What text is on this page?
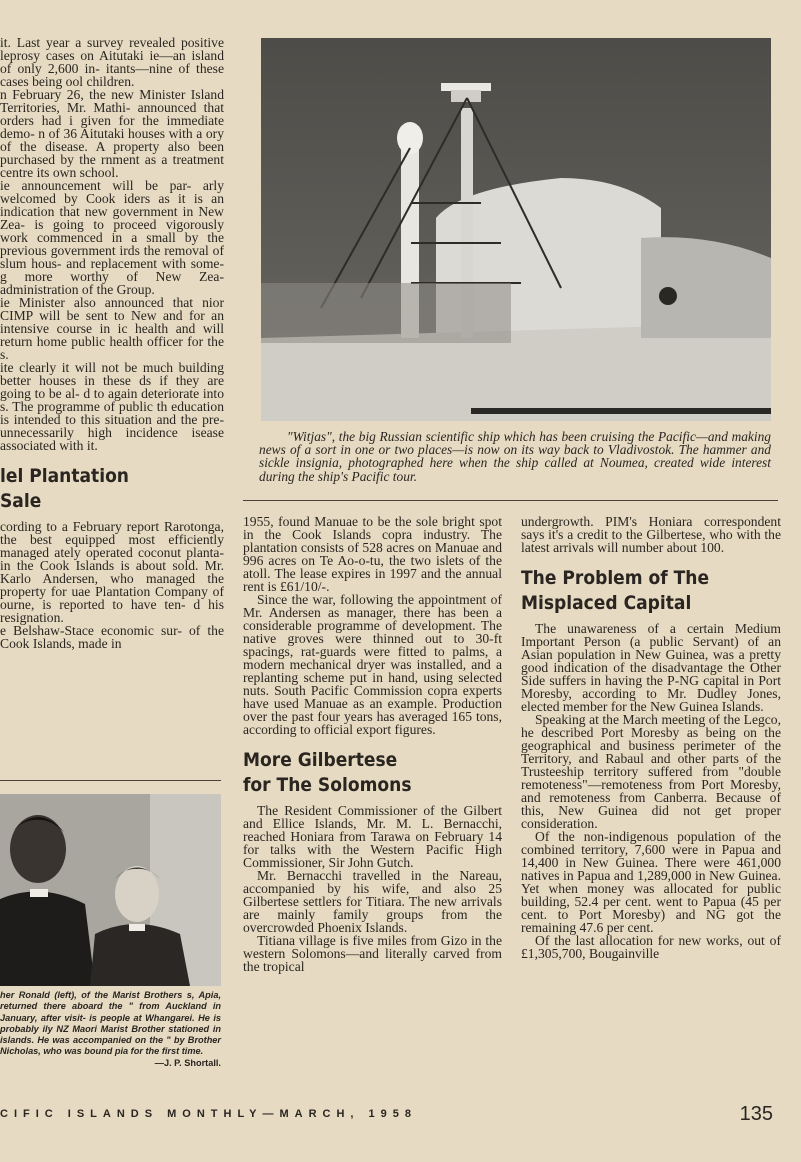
it. Last year a survey revealed positive leprosy cases on Aitutaki ie—an island of only 2,600 in- itants—nine of these cases being ool children.

n February 26, the new Minister Island Territories, Mr. Mathi- announced that orders had i given for the immediate demo- n of 36 Aitutaki houses with a ory of the disease. A property also been purchased by the rnment as a treatment centre its own school.

ie announcement will be par- arly welcomed by Cook iders as it is an indication that new government in New Zea- is going to proceed vigorously work commenced in a small by the previous government irds the removal of slum hous- and replacement with some- g more worthy of New Zea- administration of the Group.

ie Minister also announced that nior CIMP will be sent to New and for an intensive course in ic health and will return home public health officer for the s.

ite clearly it will not be much building better houses in these ds if they are going to be al- d to again deteriorate into s. The programme of public th education is intended to this situation and the pre- unnecessarily high incidence isease associated with it.

lel Plantation
Sale

cording to a February report Rarotonga, the best equipped most efficiently managed ately operated coconut planta- in the Cook Islands is about sold. Mr. Karlo Andersen, who managed the property for uae Plantation Company of ourne, is reported to have ten- d his resignation.

e Belshaw-Stace economic sur- of the Cook Islands, made in

"Witjas", the big Russian scientific ship which has been cruising the Pacific—and making news of a sort in one or two places—is now on its way back to Vladivostok. The hammer and sickle insignia, photographed here when the ship called at Noumea, created wide interest during the ship's Pacific tour.

1955, found Manuae to be the sole bright spot in the Cook Islands copra industry. The plantation consists of 528 acres on Manuae and 996 acres on Te Ao-o-tu, the two islets of the atoll. The lease expires in 1997 and the annual rent is £61/10/-.

Since the war, following the appointment of Mr. Andersen as manager, there has been a considerable programme of development. The native groves were thinned out to 30-ft spacings, rat-guards were fitted to palms, a modern mechanical dryer was installed, and a replanting scheme put in hand, using selected nuts. South Pacific Commission copra experts have used Manuae as an example. Production over the past four years has averaged 165 tons, according to official export figures.

More Gilbertese for The Solomons

The Resident Commissioner of the Gilbert and Ellice Islands, Mr. M. L. Bernacchi, reached Honiara from Tarawa on February 14 for talks with the Western Pacific High Commissioner, Sir John Gutch.

Mr. Bernacchi travelled in the Nareau, accompanied by his wife, and also 25 Gilbertese settlers for Titiara. The new arrivals are mainly family groups from the overcrowded Phoenix Islands.

Titiana village is five miles from Gizo in the western Solomons—and literally carved from the tropical

undergrowth. PIM's Honiara correspondent says it's a credit to the Gilbertese, who with the latest arrivals will number about 100.

The Problem of The Misplaced Capital

The unawareness of a certain Medium Important Person (a public Servant) of an Asian population in New Guinea, was a pretty good indication of the disadvantage the Other Side suffers in having the P-NG capital in Port Moresby, according to Mr. Dudley Jones, elected member for the New Guinea Islands.

Speaking at the March meeting of the Legco, he described Port Moresby as being on the geographical and business perimeter of the Territory, and Rabaul and other parts of the Trusteeship territory suffered from "double remoteness"—remoteness from Port Moresby, and remoteness from Canberra. Because of this, New Guinea did not get proper consideration.

Of the non-indigenous population of the combined territory, 7,600 were in Papua and 14,400 in New Guinea. There were 461,000 natives in Papua and 1,289,000 in New Guinea. Yet when money was allocated for public building, 52.4 per cent. went to Papua (45 per cent. to Port Moresby) and NG got the remaining 47.6 per cent.

Of the last allocation for new works, out of £1,305,700, Bougainville

her Ronald (left), of the Marist Brothers s, Apia, returned there aboard the " from Auckland in January, after visit- is people at Whangarei. He is probably ily NZ Maori Marist Brother stationed in islands. He was accompanied on the " by Brother Nicholas, who was bound pia for the first time.

—J. P. Shortall.

CIFIC ISLANDS MONTHLY—MARCH, 1958	135
